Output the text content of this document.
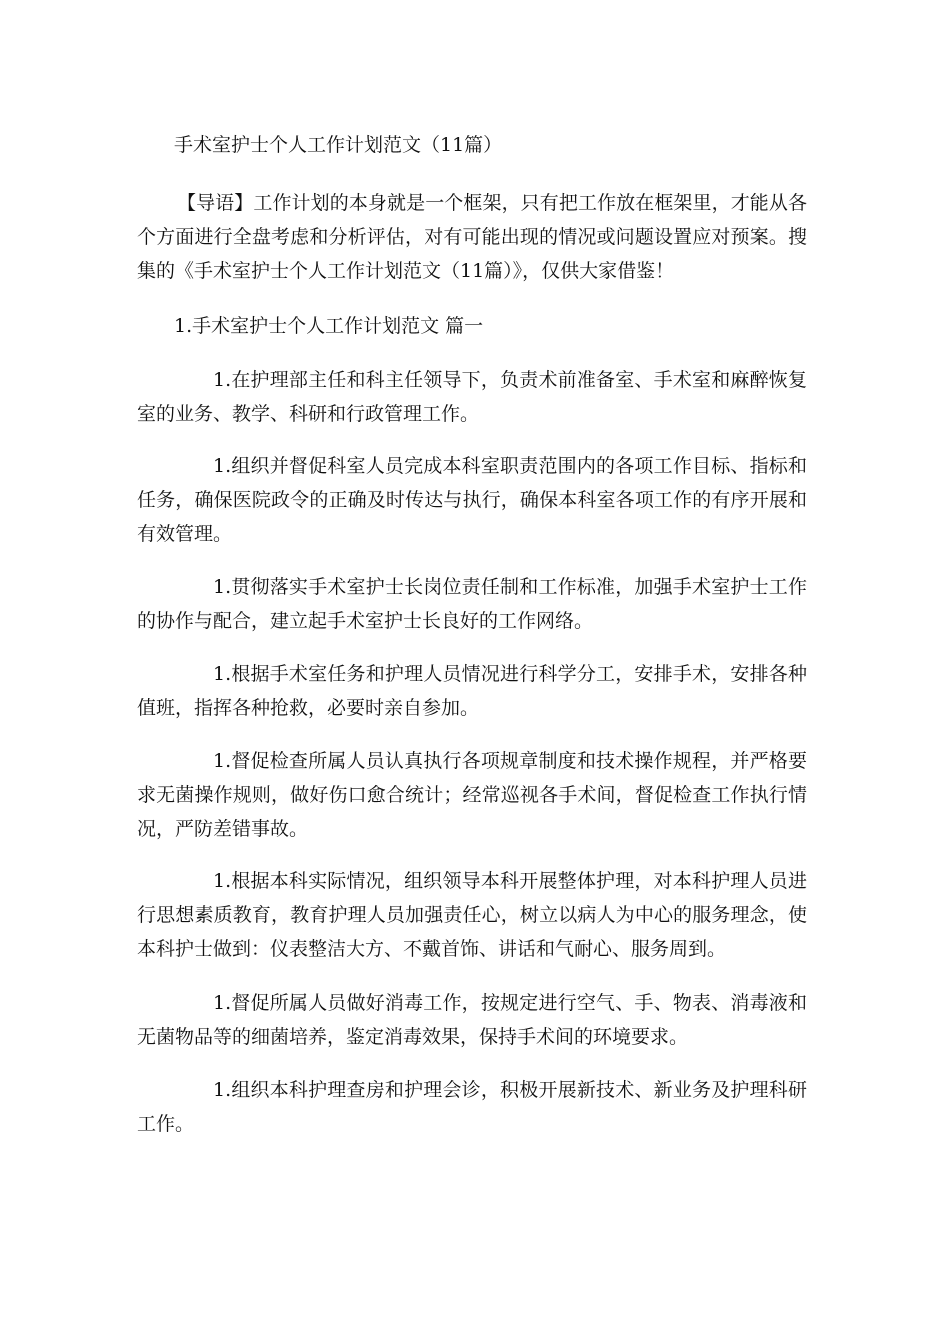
手术室护士个人工作计划范文（11篇）

【导语】工作计划的本身就是一个框架，只有把工作放在框架里，才能从各个方面进行全盘考虑和分析评估，对有可能出现的情况或问题设置应对预案。搜集的《手术室护士个人工作计划范文（11篇）》，仅供大家借鉴！

1.手术室护士个人工作计划范文 篇一

1.在护理部主任和科主任领导下，负责术前准备室、手术室和麻醉恢复室的业务、教学、科研和行政管理工作。

1.组织并督促科室人员完成本科室职责范围内的各项工作目标、指标和任务，确保医院政令的正确及时传达与执行，确保本科室各项工作的有序开展和有效管理。

1.贯彻落实手术室护士长岗位责任制和工作标准，加强手术室护士工作的协作与配合，建立起手术室护士长良好的工作网络。

1.根据手术室任务和护理人员情况进行科学分工，安排手术，安排各种值班，指挥各种抢救，必要时亲自参加。

1.督促检查所属人员认真执行各项规章制度和技术操作规程，并严格要求无菌操作规则，做好伤口愈合统计；经常巡视各手术间，督促检查工作执行情况，严防差错事故。

1.根据本科实际情况，组织领导本科开展整体护理，对本科护理人员进行思想素质教育，教育护理人员加强责任心，树立以病人为中心的服务理念，使本科护士做到：仪表整洁大方、不戴首饰、讲话和气耐心、服务周到。

1.督促所属人员做好消毒工作，按规定进行空气、手、物表、消毒液和无菌物品等的细菌培养，鉴定消毒效果，保持手术间的环境要求。

1.组织本科护理查房和护理会诊，积极开展新技术、新业务及护理科研工作。
